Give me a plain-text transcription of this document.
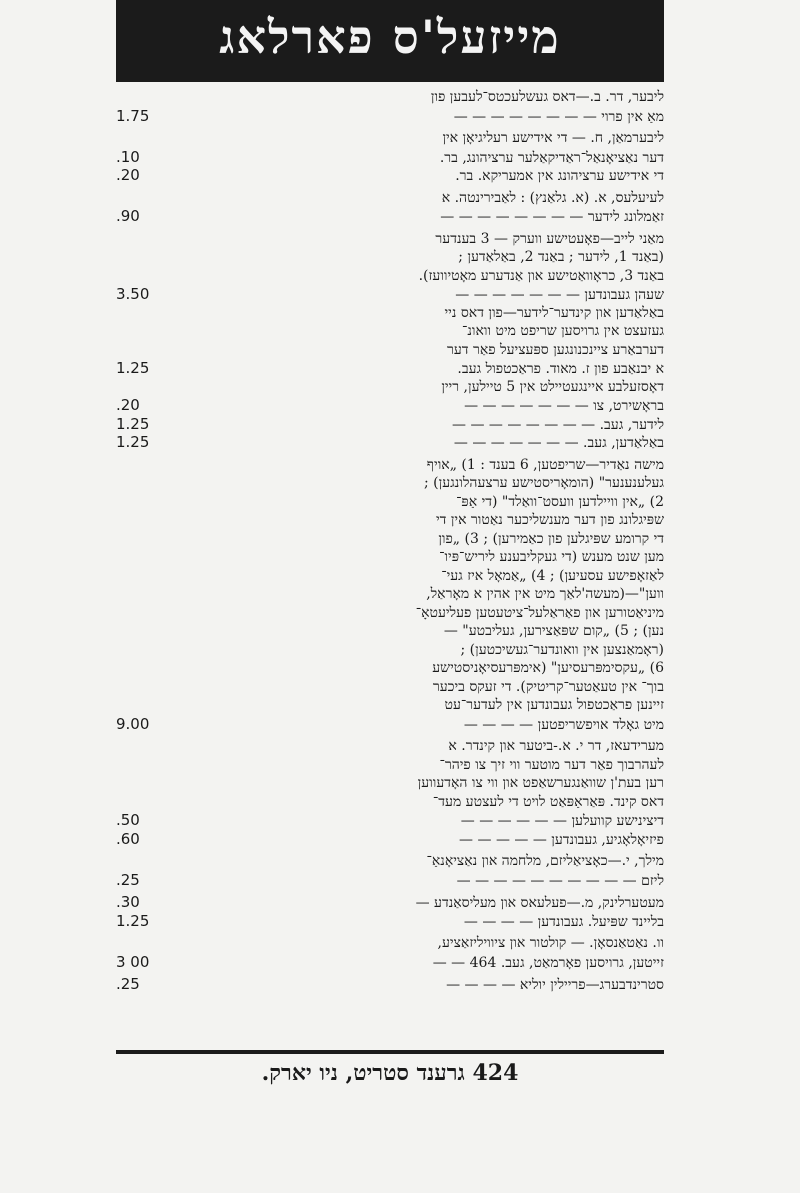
מייזעל'ס פארלאג
ליבער, דר. ב.—דאס געשלעכטס־לעבען פון
1.75	מאַ אין פרוי — — — — — — — —
ליבערמאַן, ח. — די אידישע רעליגיאָן אין
.10	דער נאַציאָנאַל־ראַדיקאַלער ערציהונג, בר.
.20	די אידישע ערציהונג אין אמעריקא. בר.
לעיעלעס, א. (א. גלאַנץ) : לאַבירינטה. א
.90	זאַמלונג לידער — — — — — — — —
מאַני לייב—פאָעטישע ווערק — 3 בענדער
(באַנד 1, לידער ; באַנד 2, באַלאַדען ;
באַנד 3, כראָוואַטישע און אַנדערע מאָטיוועז).
3.50	שעהן געבונדען — — — — — — —
באַלאַדען און קינדער־לידער—פון דאס ניי
געזעצט אין גרויסען שריפט מיט וואונ־
דערבאַרע ציינכנונגען ספּעציעל פאַר דער
1.25	א יבנאַבע פון ז. מאוד. פראַכטפול געב.
דאָסזעלבע איינגעטיילט אין 5 טיילען, ריין
.20	בראָשירט, צו — — — — — — —
1.25	לידער, געב. — — — — — — — —
1.25	באַלאַדען, געב. — — — — — — —
מישה נאַדיר—שריפטען, 6 בענד : 1) „אויף
געלענענער" (הומאָריסטישע ערצעהלונגען) ;
2) „אין וויילדען וועסט־וואַלד" (די אַפּ־
שפּיגלונג פון דער מענשליכער נאַטור אין די
די קרומע שפּיגלען פון כאַמירען) ; 3) „פון
מען שנט מענש (די געקליבענע ליריש־פּיו־
לאַזאָפישע עסעיען) ; 4) „אַמאָל איז געי־
ווען"—(מעשה'לאַך מיט אין אהין א מאָראַל,
מיניאַטורען און פאַראַלעל־ציטעטען פעליעטאָ־
נען) ; 5) „קום שפּאַצירען, געליבטע" —
(ראָמאַנצען אין וואונדער־געשיכטען) ;
6) „עקסימפּרעסיען" (אימפּרעסיאָניסטישע
בוך־ אין טעאַטער־קריטיק). די זעקס ביכער
זיינען פראַכטפול געבונדען אין לעדער־עט
9.00	מיט גאָלד אויפשריפטען — — — —
מערידעאז, דר י. א.-ביטער און קינדר. א
לעהרבוך פאַר דער מוטער ווי זיך צו פיהר־
רען בעת'ן שוואַנגערשאַפט און ווי צו האָדעווען
דאס קינד. פּאַראַפּאַט לויט די לעצטע מעד־
.50	דיצינישע קוועלען — — — — — —
.60	פיזיאָלאָגיע, געבונדען — — — — —
מילך, י.—כאָציאַליזם, מלחמה און נאַציאָנאַ־
.25	ליזם — — — — — — — — — —
.30	מעטערלינק, מ.—פעלעאס און מעליסאַנדע —
1.25	בליינד שפּיעל. געבונדען — — — —
וו. נאַטאַנסאָן. — קולטור און ציוויליזאַציע,
3 00	זייטען, גרויסען פאָרמאַט, געב. 464 — —
.25	סטרינדבערג—פריילין יוליא — — — —
424 גרענד סטריט, ניו יארק.
